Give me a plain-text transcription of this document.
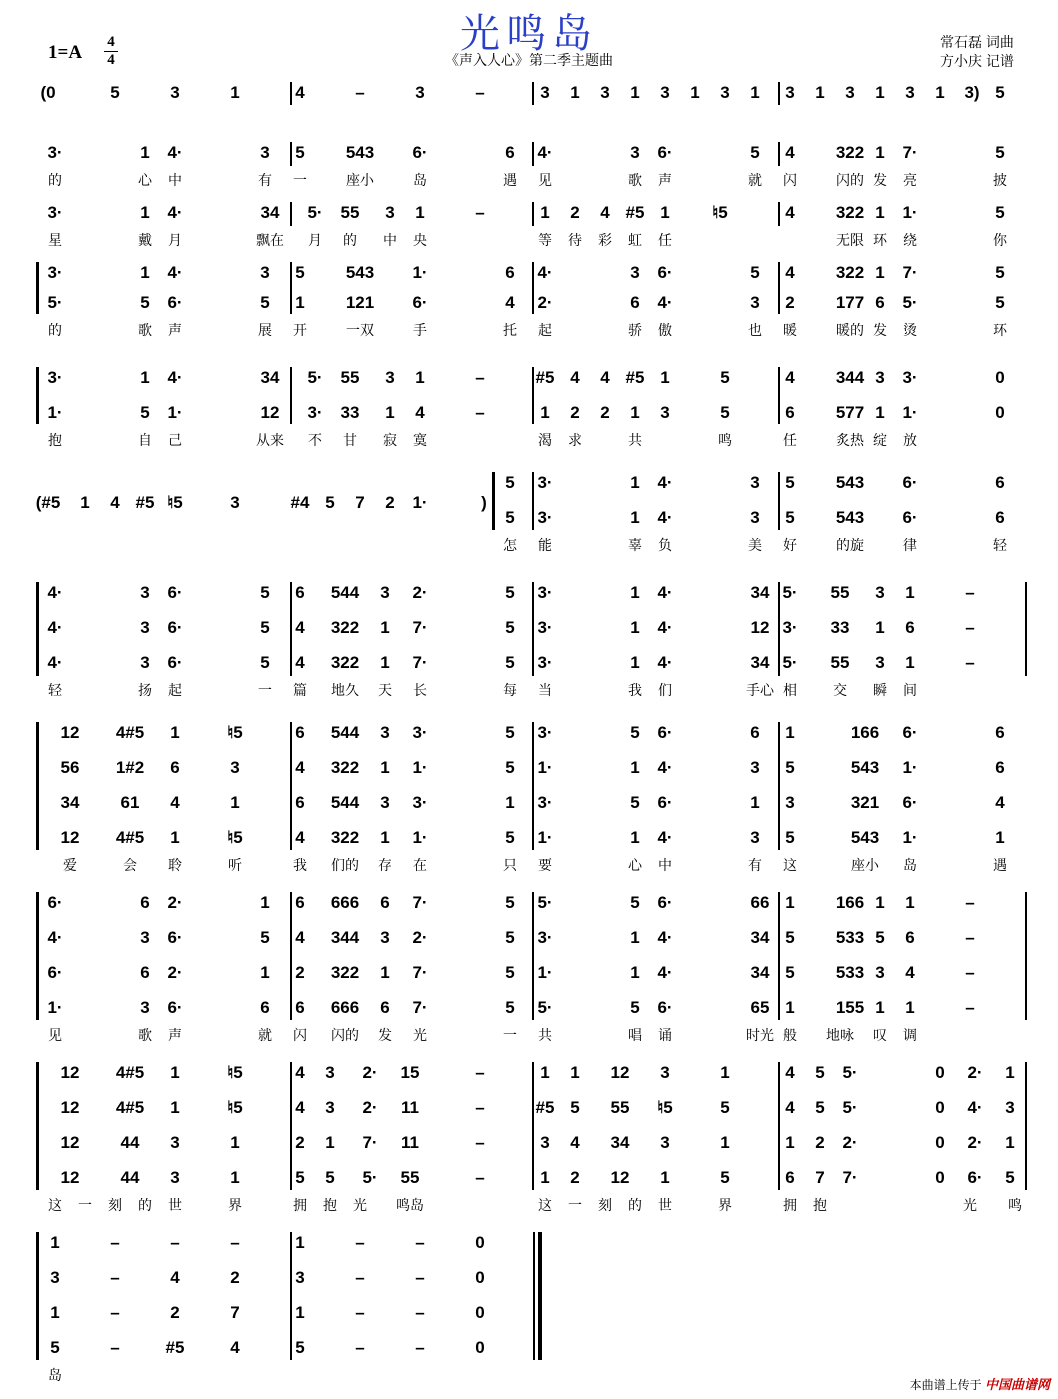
光鸣岛
《声入人心》第二季主题曲
1=A 4
4
常石磊 词曲
方小庆 记谱
(0	5	3	1	4	–	3	–	3 1 3 1 3 1 3 1 3 1 3 1 3 1 3) 5
3·	1 4·	3 5 543 6·	6 4·	3 6·	5 4 322 1 7·	5
的	心 中	有 一	座小	岛	遇 见	歌 声	就 闪	闪的 发 亮	披
3·	1 4·	34 5· 55 3 1	–	1 2 4 #5 1	♮5	4 322 1 1·	5
星	戴 月	飘在 月 的 中 央	等 待 彩 虹 任	无限 环 绕	你
3·	1 4·	3 5 543 1·	6 4·	3 6·	5 4 322 1 7·	5
5·	5 6·	5 1 121 6·	4 2·	6 4·	3 2 177 6 5·	5
的	歌 声	展 开	一双	手	托 起	骄 傲	也 暖	暖的 发 烫	环
3·	1 4·	34 5· 55 3 1	–	#5 4 4 #5 1	5	4 344 3 3·	0
1·	5 1·	12 3· 33 1 4	–	1 2 2 1 3	5	6 577 1 1·	0
抱	自 己	从来 不 甘 寂 寞	渴 求	共	鸣	任	炙热 绽 放
(#5 1 4 #5 ♮5	3	#4 5 7 2 1·	)
5 3·	1 4·	3 5 543 6·	6
5 3·	1 4·	3 5 543 6·	6
怎 能	辜 负	美 好	的旋	律	轻
4·	3 6·	5 6 544 3 2·	5 3·	1 4·	34 5· 55 3 1	–
4·	3 6·	5 4 322 1 7·	5 3·	1 4·	12 3· 33 1 6	–
4·	3 6·	5 4 322 1 7·	5 3·	1 4·	34 5· 55 3 1	–
轻	扬 起	一 篇 地久 天 长	每 当	我 们	手心 相	交 瞬 间
12 4#5 1	♮5	6 544 3 3·	5 3·	5 6·	6 1	166 6·	6
56 1#2 6	3	4 322 1 1·	5 1·	1 4·	3 5	543 1·	6
34 61 4	1	6 544 3 3·	1 3·	5 6·	1 3	321 6·	4
12 4#5 1	♮5	4 322 1 1·	5 1·	1 4·	3 5	543 1·	1
爱	会 聆	听	我 们的 存 在	只 要	心 中	有 这	座小 岛	遇
6·	6 2·	1 6 666 6 7·	5 5·	5 6·	66 1 166 1 1	–
4·	3 6·	5 4 344 3 2·	5 3·	1 4·	34 5 533 5 6	–
6·	6 2·	1 2 322 1 7·	5 1·	1 4·	34 5 533 3 4	–
1·	3 6·	6 6 666 6 7·	5 5·	5 6·	65 1 155 1 1	–
见	歌 声	就 闪 闪的 发 光	一 共	唱 诵	时光 般 地咏 叹 调
12 4#5 1	♮5	4 3 2· 15	–	1 1 12 3	1	4 5 5·	0 2· 1
12 4#5 1	♮5	4 3 2· 11	–	#5 5 55 ♮5	5	4 5 5·	0 4· 3
12 44 3	1	2 1 7· 11	–	3 4 34 3	1	1 2 2·	0 2· 1
12 44 3	1	5 5 5· 55	–	1 2 12 1	5	6 7 7·	0 6· 5
这 一 刻 的 世	界	拥 抱 光 鸣岛	这 一 刻 的 世	界	拥 抱	光 鸣
1	–	–	–	1	–	–	0
3	–	4	2	3	–	–	0
1	–	2	7	1	–	–	0
5	–	#5	4	5	–	–	0
岛
本曲谱上传于 中国曲谱网
